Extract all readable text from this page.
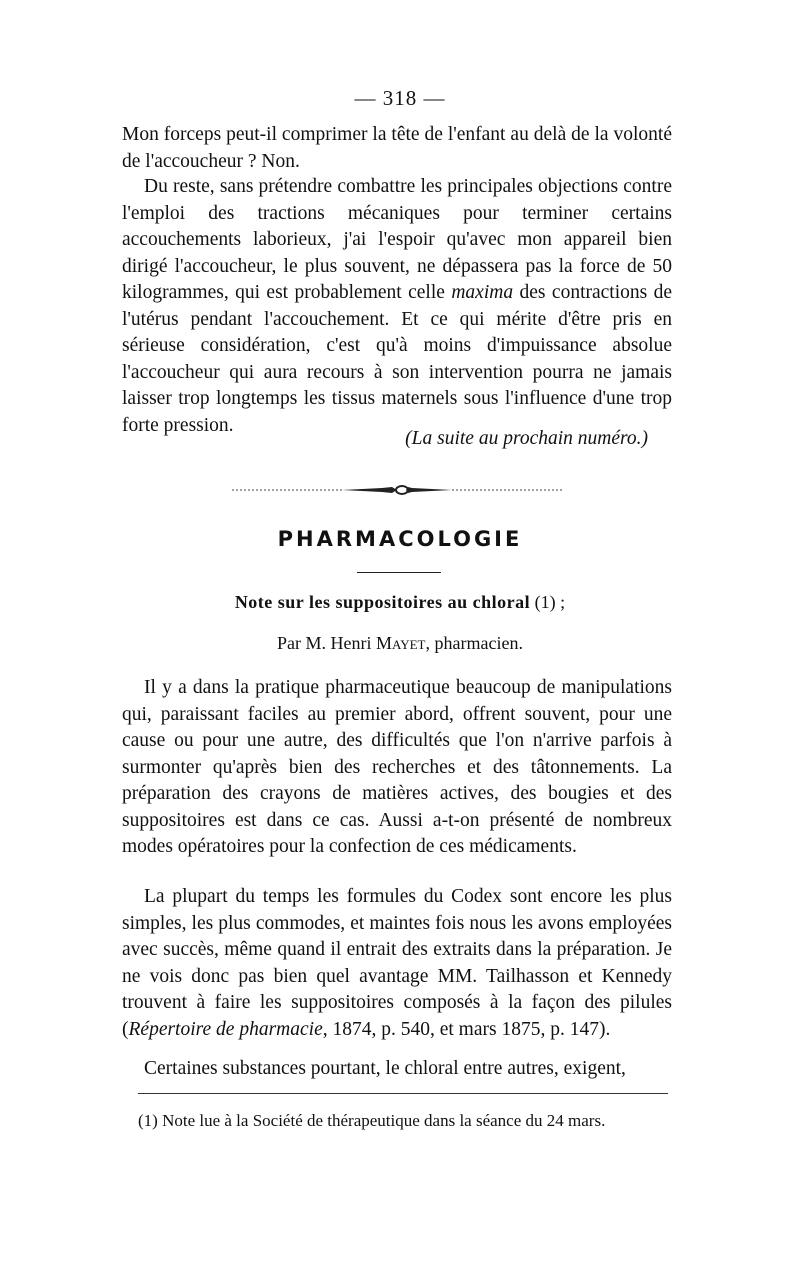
— 318 —

Mon forceps peut-il comprimer la tête de l'enfant au delà de la volonté de l'accoucheur ? Non.

Du reste, sans prétendre combattre les principales objections contre l'emploi des tractions mécaniques pour terminer certains accouchements laborieux, j'ai l'espoir qu'avec mon appareil bien dirigé l'accoucheur, le plus souvent, ne dépassera pas la force de 50 kilogrammes, qui est probablement celle maxima des contractions de l'utérus pendant l'accouchement. Et ce qui mérite d'être pris en sérieuse considération, c'est qu'à moins d'impuissance absolue l'accoucheur qui aura recours à son intervention pourra ne jamais laisser trop longtemps les tissus maternels sous l'influence d'une trop forte pression.

(La suite au prochain numéro.)
PHARMACOLOGIE
Note sur les suppositoires au chloral (1) ;
Par M. Henri Mayet, pharmacien.

Il y a dans la pratique pharmaceutique beaucoup de manipulations qui, paraissant faciles au premier abord, offrent souvent, pour une cause ou pour une autre, des difficultés que l'on n'arrive parfois à surmonter qu'après bien des recherches et des tâtonnements. La préparation des crayons de matières actives, des bougies et des suppositoires est dans ce cas. Aussi a-t-on présenté de nombreux modes opératoires pour la confection de ces médicaments.

La plupart du temps les formules du Codex sont encore les plus simples, les plus commodes, et maintes fois nous les avons employées avec succès, même quand il entrait des extraits dans la préparation. Je ne vois donc pas bien quel avantage MM. Tailhasson et Kennedy trouvent à faire les suppositoires composés à la façon des pilules (Répertoire de pharmacie, 1874, p. 540, et mars 1875, p. 147).

Certaines substances pourtant, le chloral entre autres, exigent,

(1) Note lue à la Société de thérapeutique dans la séance du 24 mars.
